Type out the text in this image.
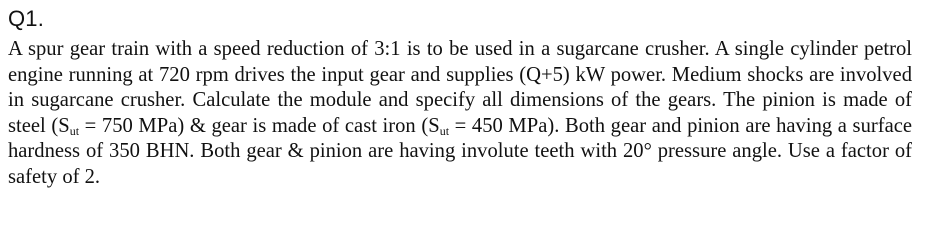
Q1.

A spur gear train with a speed reduction of 3:1 is to be used in a sugarcane crusher. A single cylinder petrol engine running at 720 rpm drives the input gear and supplies (Q+5) kW power. Medium shocks are involved in sugarcane crusher. Calculate the module and specify all dimensions of the gears. The pinion is made of steel ($S_{ut} = 750$ MPa) & gear is made of cast iron ($S_{ut} = 450$ MPa). Both gear and pinion are having a surface hardness of 350 BHN. Both gear & pinion are having involute teeth with 20° pressure angle. Use a factor of safety of 2.
